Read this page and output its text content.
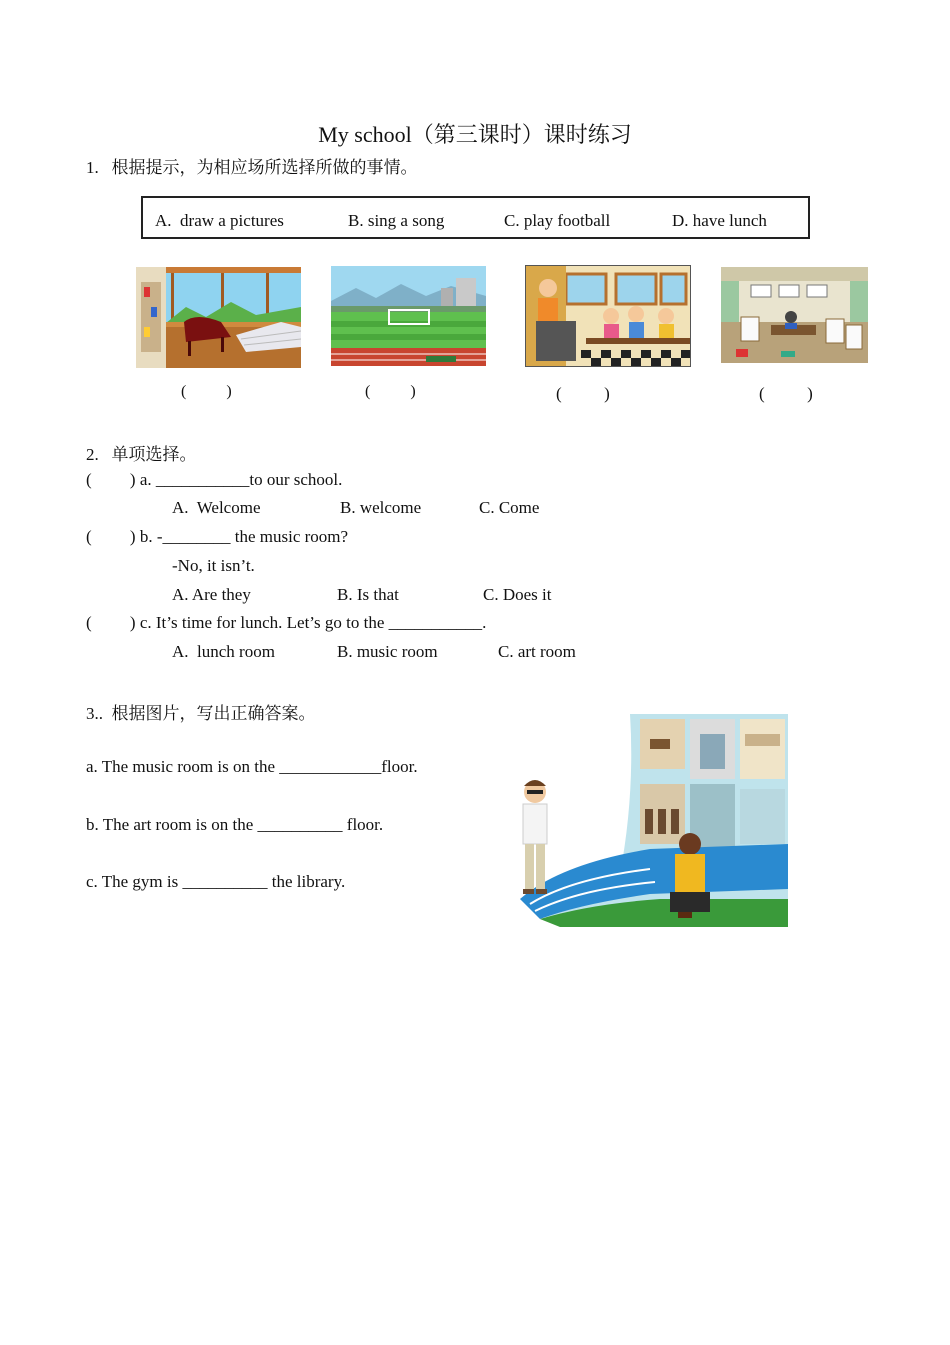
My school（第三课时）课时练习
1.   根据提示，为相应场所选择所做的事情。
A.  draw a pictures	B. sing a song	C. play football	D. have lunch
(          )	(          )	(          )	(          )
2.   单项选择。
(         ) a. ___________to our school.
A.  Welcome	B. welcome	C. Come
(         ) b. -________ the music room?
-No, it isn’t.
A. Are they	B. Is that	C. Does it
(         ) c. It’s time for lunch. Let’s go to the ___________.
A.  lunch room	B. music room	C. art room
3..  根据图片，写出正确答案。
a. The music room is on the ____________floor.
b. The art room is on the __________ floor.
c. The gym is __________ the library.
